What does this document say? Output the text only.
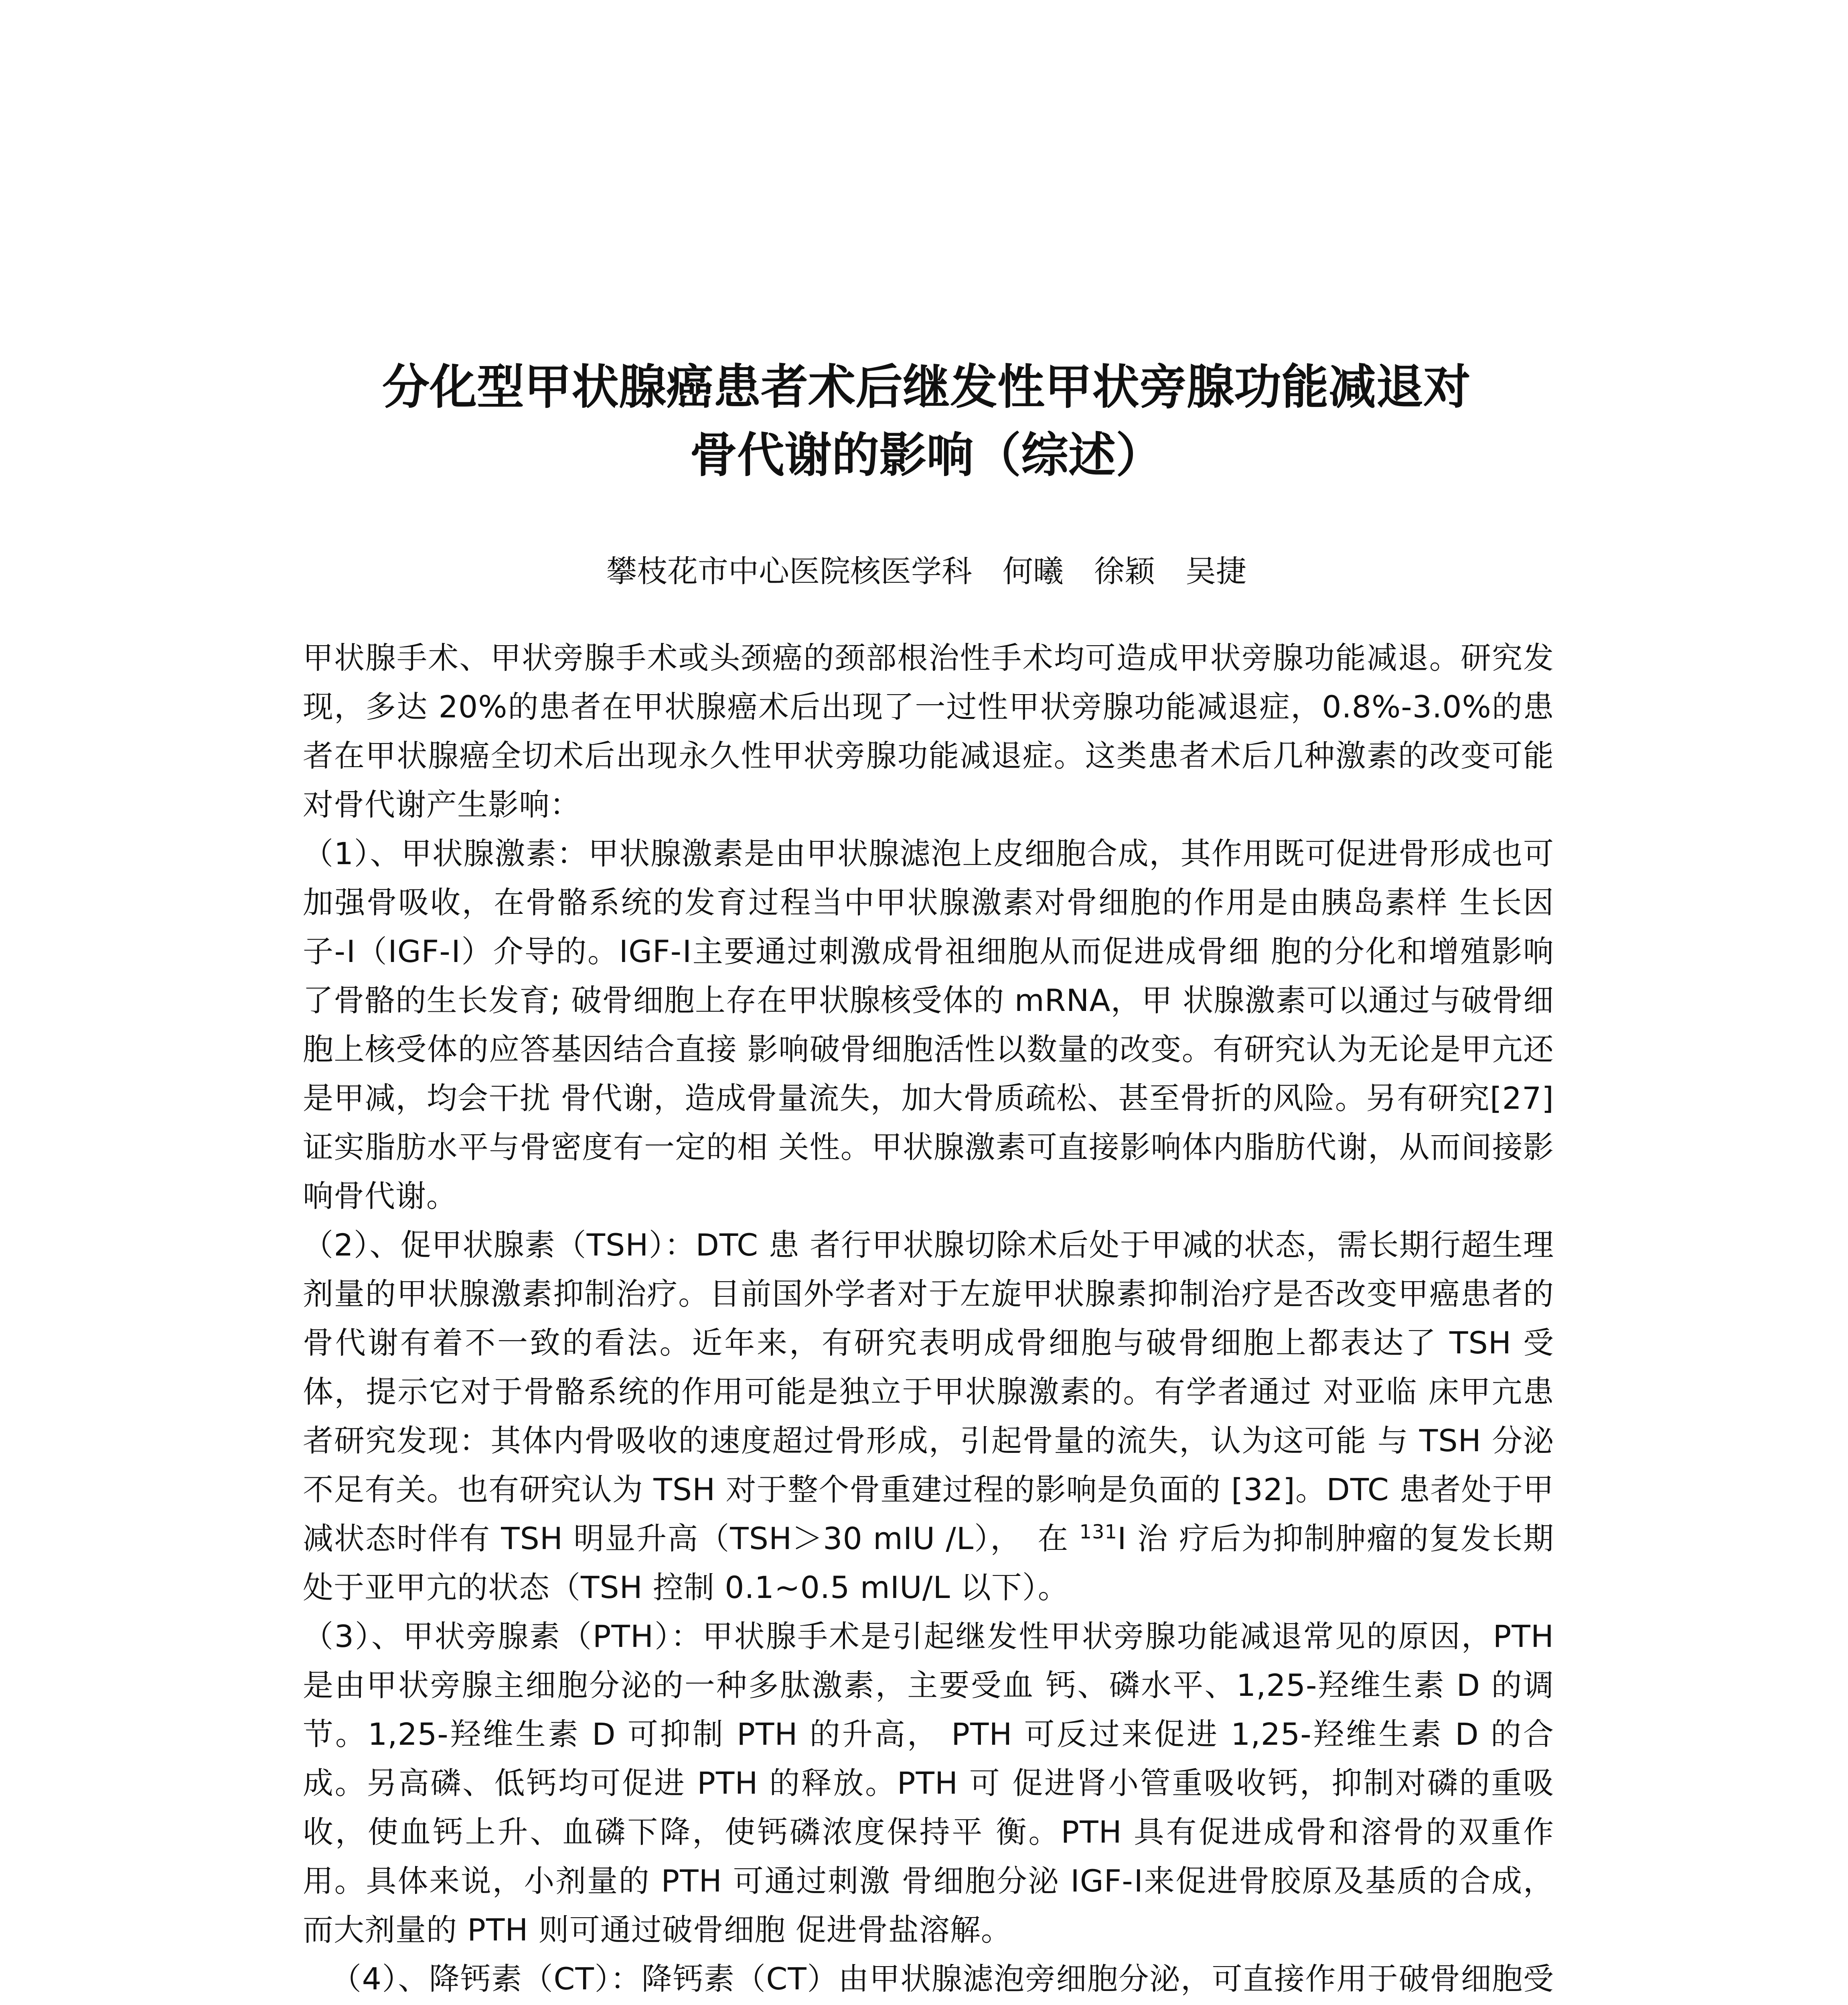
分化型甲状腺癌患者术后继发性甲状旁腺功能减退对
骨代谢的影响（综述）

攀枝花市中心医院核医学科　何曦　徐颖　吴捷

甲状腺手术、甲状旁腺手术或头颈癌的颈部根治性手术均可造成甲状旁腺功能减退。研究发现，多达 20%的患者在甲状腺癌术后出现了一过性甲状旁腺功能减退症，0.8%-3.0%的患者在甲状腺癌全切术后出现永久性甲状旁腺功能减退症。这类患者术后几种激素的改变可能对骨代谢产生影响：

（1）、甲状腺激素：甲状腺激素是由甲状腺滤泡上皮细胞合成，其作用既可促进骨形成也可加强骨吸收，在骨骼系统的发育过程当中甲状腺激素对骨细胞的作用是由胰岛素样 生长因子-Ⅰ（IGF-Ⅰ）介导的。IGF-Ⅰ主要通过刺激成骨祖细胞从而促进成骨细 胞的分化和增殖影响了骨骼的生长发育; 破骨细胞上存在甲状腺核受体的 mRNA，甲 状腺激素可以通过与破骨细胞上核受体的应答基因结合直接 影响破骨细胞活性以数量的改变。有研究认为无论是甲亢还是甲减，均会干扰 骨代谢，造成骨量流失，加大骨质疏松、甚至骨折的风险。另有研究[27]证实脂肪水平与骨密度有一定的相 关性。甲状腺激素可直接影响体内脂肪代谢，从而间接影响骨代谢。

（2）、促甲状腺素（TSH）：DTC 患 者行甲状腺切除术后处于甲减的状态，需长期行超生理剂量的甲状腺激素抑制治疗。目前国外学者对于左旋甲状腺素抑制治疗是否改变甲癌患者的骨代谢有着不一致的看法。近年来，有研究表明成骨细胞与破骨细胞上都表达了 TSH 受体，提示它对于骨骼系统的作用可能是独立于甲状腺激素的。有学者通过 对亚临 床甲亢患者研究发现：其体内骨吸收的速度超过骨形成，引起骨量的流失，认为这可能 与 TSH 分泌不足有关。也有研究认为 TSH 对于整个骨重建过程的影响是负面的 [32]。DTC 患者处于甲减状态时伴有 TSH 明显升高（TSH＞30 mIU /L），　在 $^{131}$I 治 疗后为抑制肿瘤的复发长期处于亚甲亢的状态（TSH 控制 0.1~0.5 mIU/L 以下）。

（3）、甲状旁腺素（PTH）：甲状腺手术是引起继发性甲状旁腺功能减退常见的原因，PTH 是由甲状旁腺主细胞分泌的一种多肽激素，主要受血 钙、磷水平、1,25-羟维生素 D 的调节。1,25-羟维生素 D 可抑制 PTH 的升高， PTH 可反过来促进 1,25-羟维生素 D 的合成。另高磷、低钙均可促进 PTH 的释放。PTH 可 促进肾小管重吸收钙，抑制对磷的重吸收，使血钙上升、血磷下降，使钙磷浓度保持平 衡。PTH 具有促进成骨和溶骨的双重作用。具体来说，小剂量的 PTH 可通过刺激 骨细胞分泌 IGF-Ⅰ来促进骨胶原及基质的合成，而大剂量的 PTH 则可通过破骨细胞 促进骨盐溶解。

（4）、降钙素（CT）：降钙素（CT）由甲状腺滤泡旁细胞分泌，可直接作用于破骨细胞受
